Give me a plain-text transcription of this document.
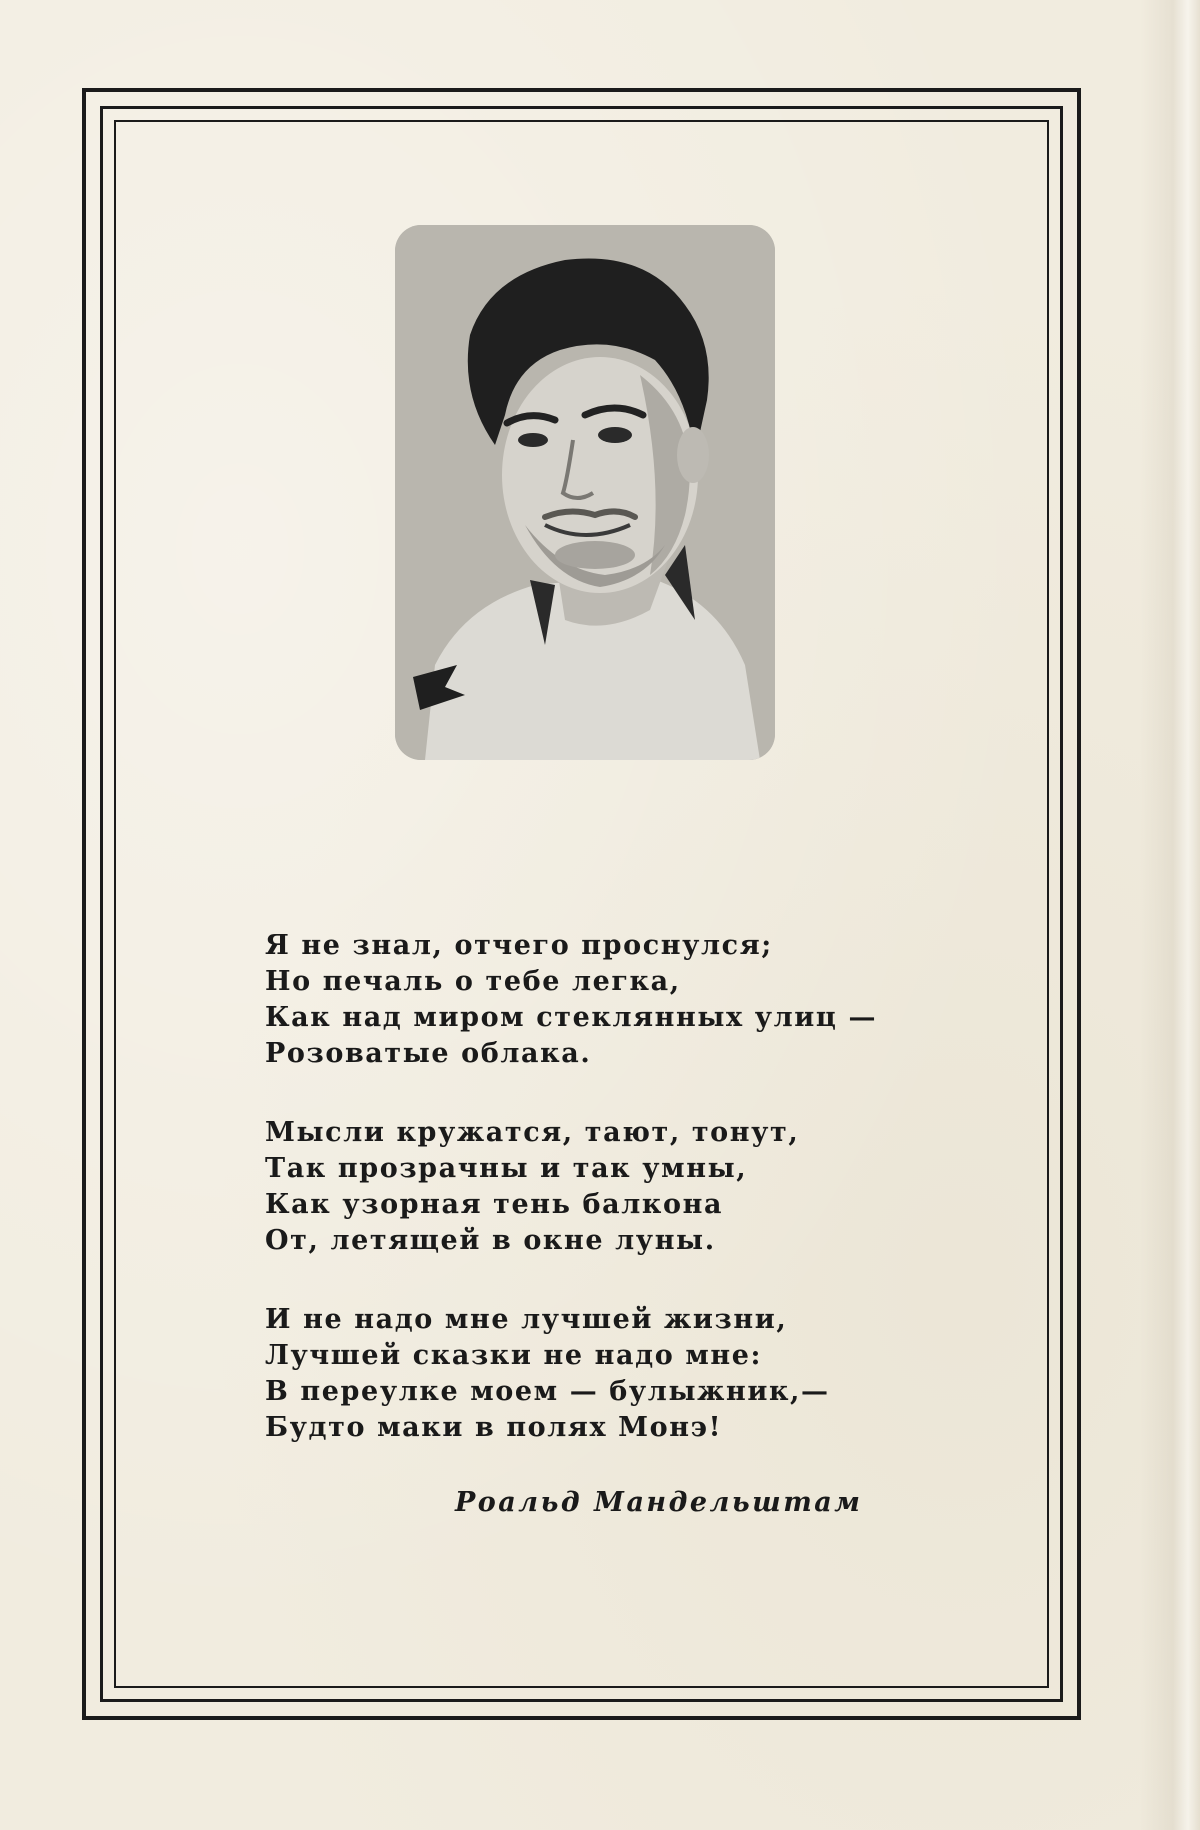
Я не знал, отчего проснулся;
Но печаль о тебе легка,
Как над миром стеклянных улиц —
Розоватые облака.
Мысли кружатся, тают, тонут,
Так прозрачны и так умны,
Как узорная тень балкона
От, летящей в окне луны.
И не надо мне лучшей жизни,
Лучшей сказки не надо мне:
В переулке моем — булыжник,—
Будто маки в полях Монэ!
Роальд Мандельштам
